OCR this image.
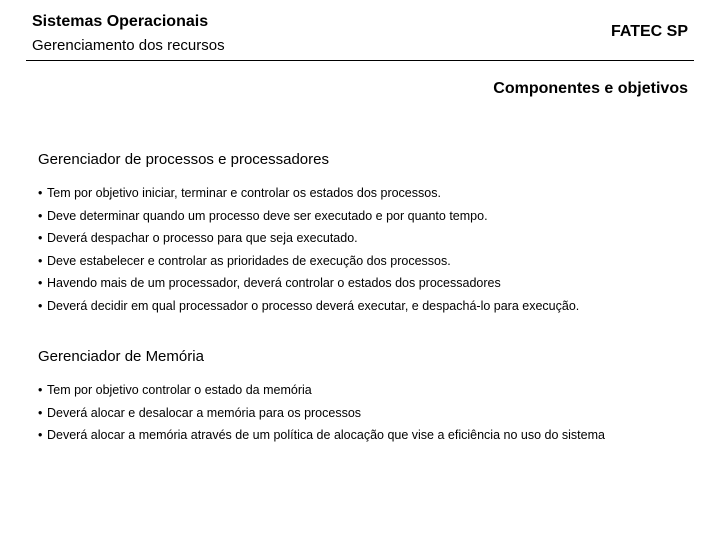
Sistemas Operacionais
Gerenciamento dos recursos
FATEC SP
Componentes e objetivos
Gerenciador de processos e processadores
• Tem por objetivo iniciar, terminar e controlar os estados dos processos.
• Deve determinar quando um processo deve ser executado e por quanto tempo.
• Deverá despachar o processo para que seja executado.
• Deve estabelecer e controlar as prioridades de execução dos processos.
• Havendo mais de um processador, deverá controlar o estados dos processadores
• Deverá decidir em qual processador o processo deverá executar, e despachá-lo para execução.
Gerenciador de Memória
• Tem por objetivo controlar o estado da memória
• Deverá alocar e desalocar a memória para os processos
• Deverá alocar a memória através de um política de alocação que vise a eficiência no uso do sistema
